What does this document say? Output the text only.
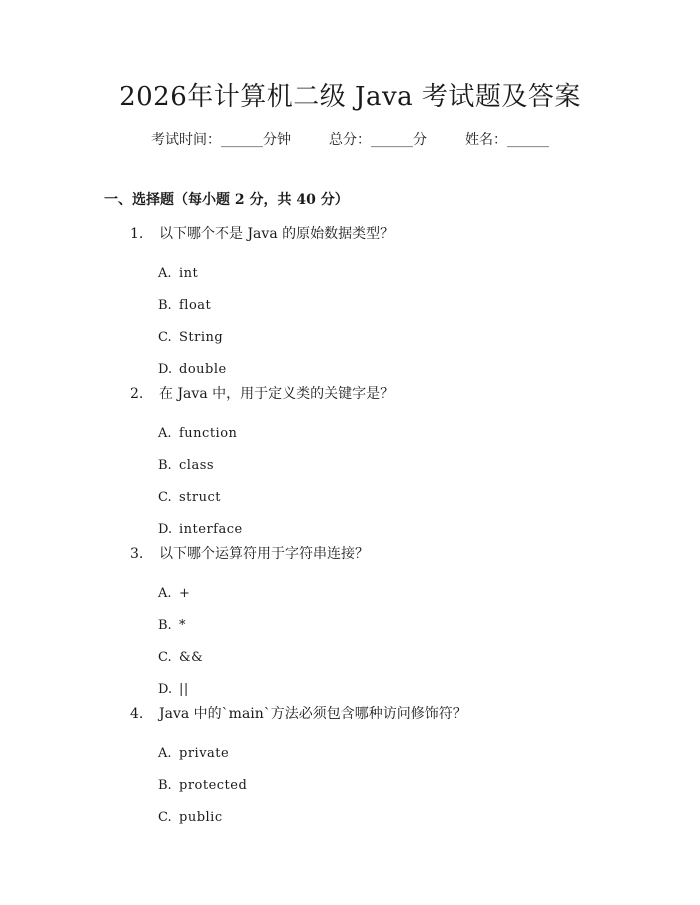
2026年计算机二级 Java 考试题及答案
考试时间：______分钟	总分：______分	姓名：______
一、选择题（每小题 2 分，共 40 分）
1. 以下哪个不是 Java 的原始数据类型？
A. int
B. float
C. String
D. double
2. 在 Java 中，用于定义类的关键字是？
A. function
B. class
C. struct
D. interface
3. 以下哪个运算符用于字符串连接？
A. +
B. *
C. &&
D. ||
4. Java 中的`main`方法必须包含哪种访问修饰符？
A. private
B. protected
C. public
